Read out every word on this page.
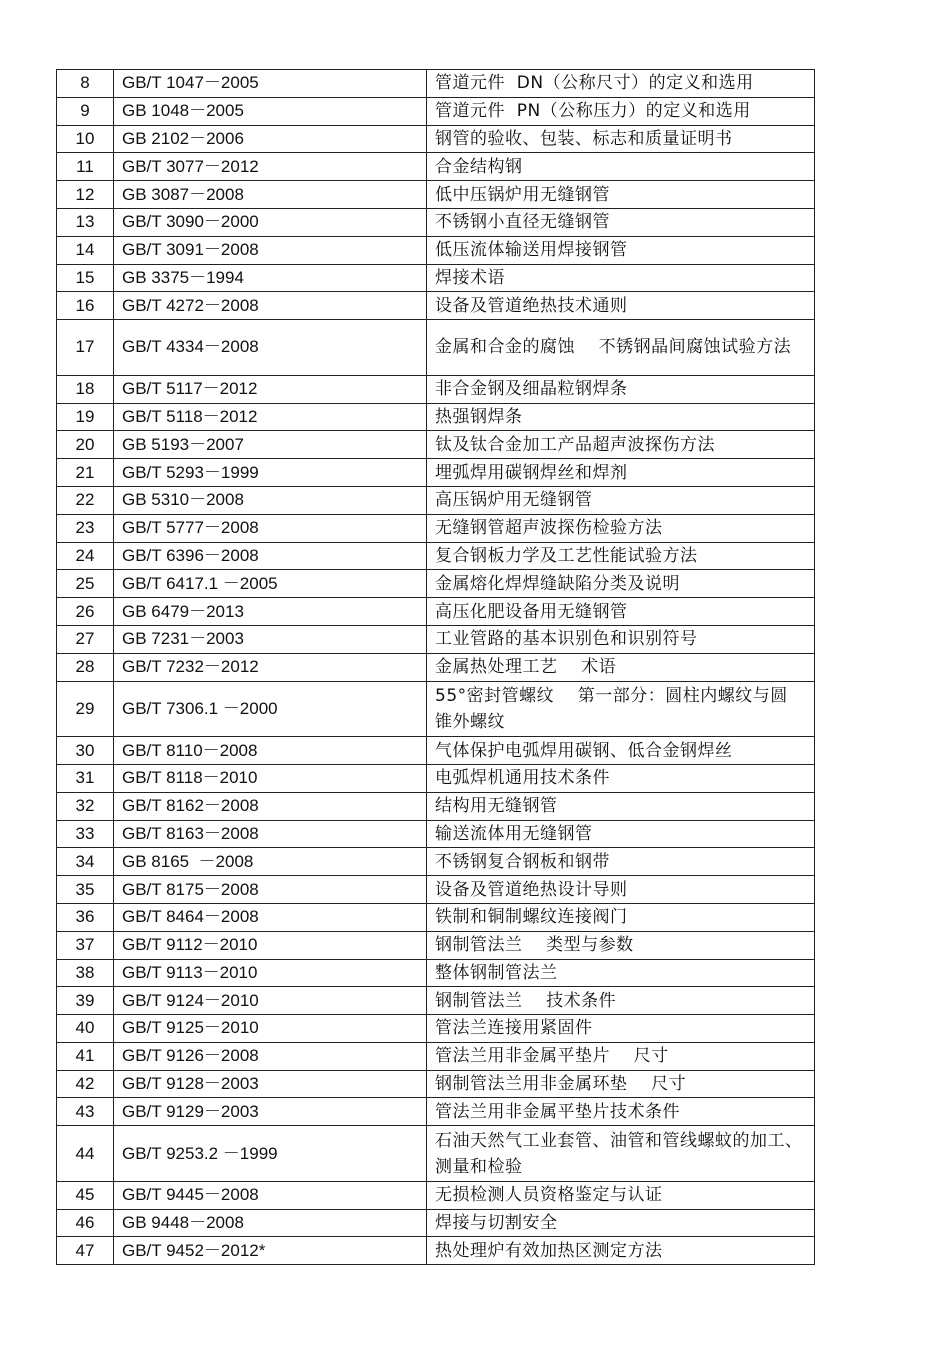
8	GB/T 1047－2005	管道元件  DN（公称尺寸）的定义和选用
9	GB 1048－2005	管道元件  PN（公称压力）的定义和选用
10	GB 2102－2006	钢管的验收、包装、标志和质量证明书
11	GB/T 3077－2012	合金结构钢
12	GB 3087－2008	低中压锅炉用无缝钢管
13	GB/T 3090－2000	不锈钢小直径无缝钢管
14	GB/T 3091－2008	低压流体输送用焊接钢管
15	GB 3375－1994	焊接术语
16	GB/T 4272－2008	设备及管道绝热技术通则
17	GB/T 4334－2008	金属和合金的腐蚀    不锈钢晶间腐蚀试验方法
18	GB/T 5117－2012	非合金钢及细晶粒钢焊条
19	GB/T 5118－2012	热强钢焊条
20	GB 5193－2007	钛及钛合金加工产品超声波探伤方法
21	GB/T 5293－1999	埋弧焊用碳钢焊丝和焊剂
22	GB 5310－2008	高压锅炉用无缝钢管
23	GB/T 5777－2008	无缝钢管超声波探伤检验方法
24	GB/T 6396－2008	复合钢板力学及工艺性能试验方法
25	GB/T 6417.1 －2005	金属熔化焊焊缝缺陷分类及说明
26	GB 6479－2013	高压化肥设备用无缝钢管
27	GB 7231－2003	工业管路的基本识别色和识别符号
28	GB/T 7232－2012	金属热处理工艺    术语
29	GB/T 7306.1 －2000	55°密封管螺纹    第一部分：圆柱内螺纹与圆锥外螺纹
30	GB/T 8110－2008	气体保护电弧焊用碳钢、低合金钢焊丝
31	GB/T 8118－2010	电弧焊机通用技术条件
32	GB/T 8162－2008	结构用无缝钢管
33	GB/T 8163－2008	输送流体用无缝钢管
34	GB 8165  －2008	不锈钢复合钢板和钢带
35	GB/T 8175－2008	设备及管道绝热设计导则
36	GB/T 8464－2008	铁制和铜制螺纹连接阀门
37	GB/T 9112－2010	钢制管法兰    类型与参数
38	GB/T 9113－2010	整体钢制管法兰
39	GB/T 9124－2010	钢制管法兰    技术条件
40	GB/T 9125－2010	管法兰连接用紧固件
41	GB/T 9126－2008	管法兰用非金属平垫片    尺寸
42	GB/T 9128－2003	钢制管法兰用非金属环垫    尺寸
43	GB/T 9129－2003	管法兰用非金属平垫片技术条件
44	GB/T 9253.2 －1999	石油天然气工业套管、油管和管线螺蚊的加工、测量和检验
45	GB/T 9445－2008	无损检测人员资格鉴定与认证
46	GB 9448－2008	焊接与切割安全
47	GB/T 9452－2012*	热处理炉有效加热区测定方法
